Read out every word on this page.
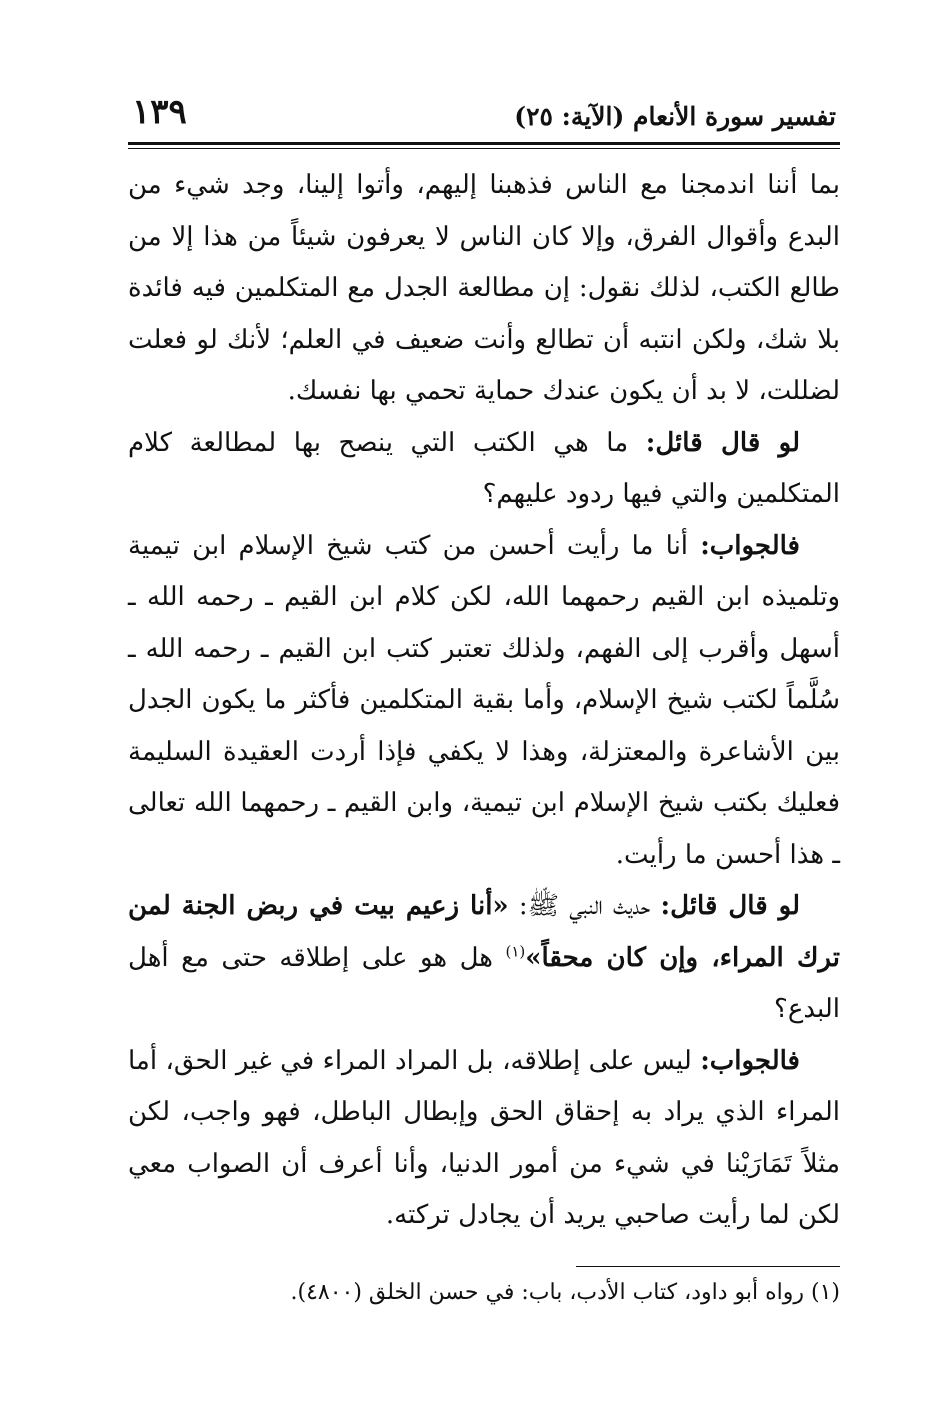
تفسير سورة الأنعام (الآية: ٢٥)
١٣٩

بما أننا اندمجنا مع الناس فذهبنا إليهم، وأتوا إلينا، وجد شيء من البدع وأقوال الفرق، وإلا كان الناس لا يعرفون شيئاً من هذا إلا من طالع الكتب، لذلك نقول: إن مطالعة الجدل مع المتكلمين فيه فائدة بلا شك، ولكن انتبه أن تطالع وأنت ضعيف في العلم؛ لأنك لو فعلت لضللت، لا بد أن يكون عندك حماية تحمي بها نفسك.

لو قال قائل: ما هي الكتب التي ينصح بها لمطالعة كلام المتكلمين والتي فيها ردود عليهم؟

فالجواب: أنا ما رأيت أحسن من كتب شيخ الإسلام ابن تيمية وتلميذه ابن القيم رحمهما الله، لكن كلام ابن القيم ـ رحمه الله ـ أسهل وأقرب إلى الفهم، ولذلك تعتبر كتب ابن القيم ـ رحمه الله ـ سُلَّماً لكتب شيخ الإسلام، وأما بقية المتكلمين فأكثر ما يكون الجدل بين الأشاعرة والمعتزلة، وهذا لا يكفي فإذا أردت العقيدة السليمة فعليك بكتب شيخ الإسلام ابن تيمية، وابن القيم ـ رحمهما الله تعالى ـ هذا أحسن ما رأيت.

لو قال قائل: حديث النبي ﷺ: «أنا زعيم بيت في ربض الجنة لمن ترك المراء، وإن كان محقاً»$^{(١)}$ هل هو على إطلاقه حتى مع أهل البدع؟

فالجواب: ليس على إطلاقه، بل المراد المراء في غير الحق، أما المراء الذي يراد به إحقاق الحق وإبطال الباطل، فهو واجب، لكن مثلاً تَمَارَيْنا في شيء من أمور الدنيا، وأنا أعرف أن الصواب معي لكن لما رأيت صاحبي يريد أن يجادل تركته.

(١) رواه أبو داود، كتاب الأدب، باب: في حسن الخلق (٤٨٠٠).
